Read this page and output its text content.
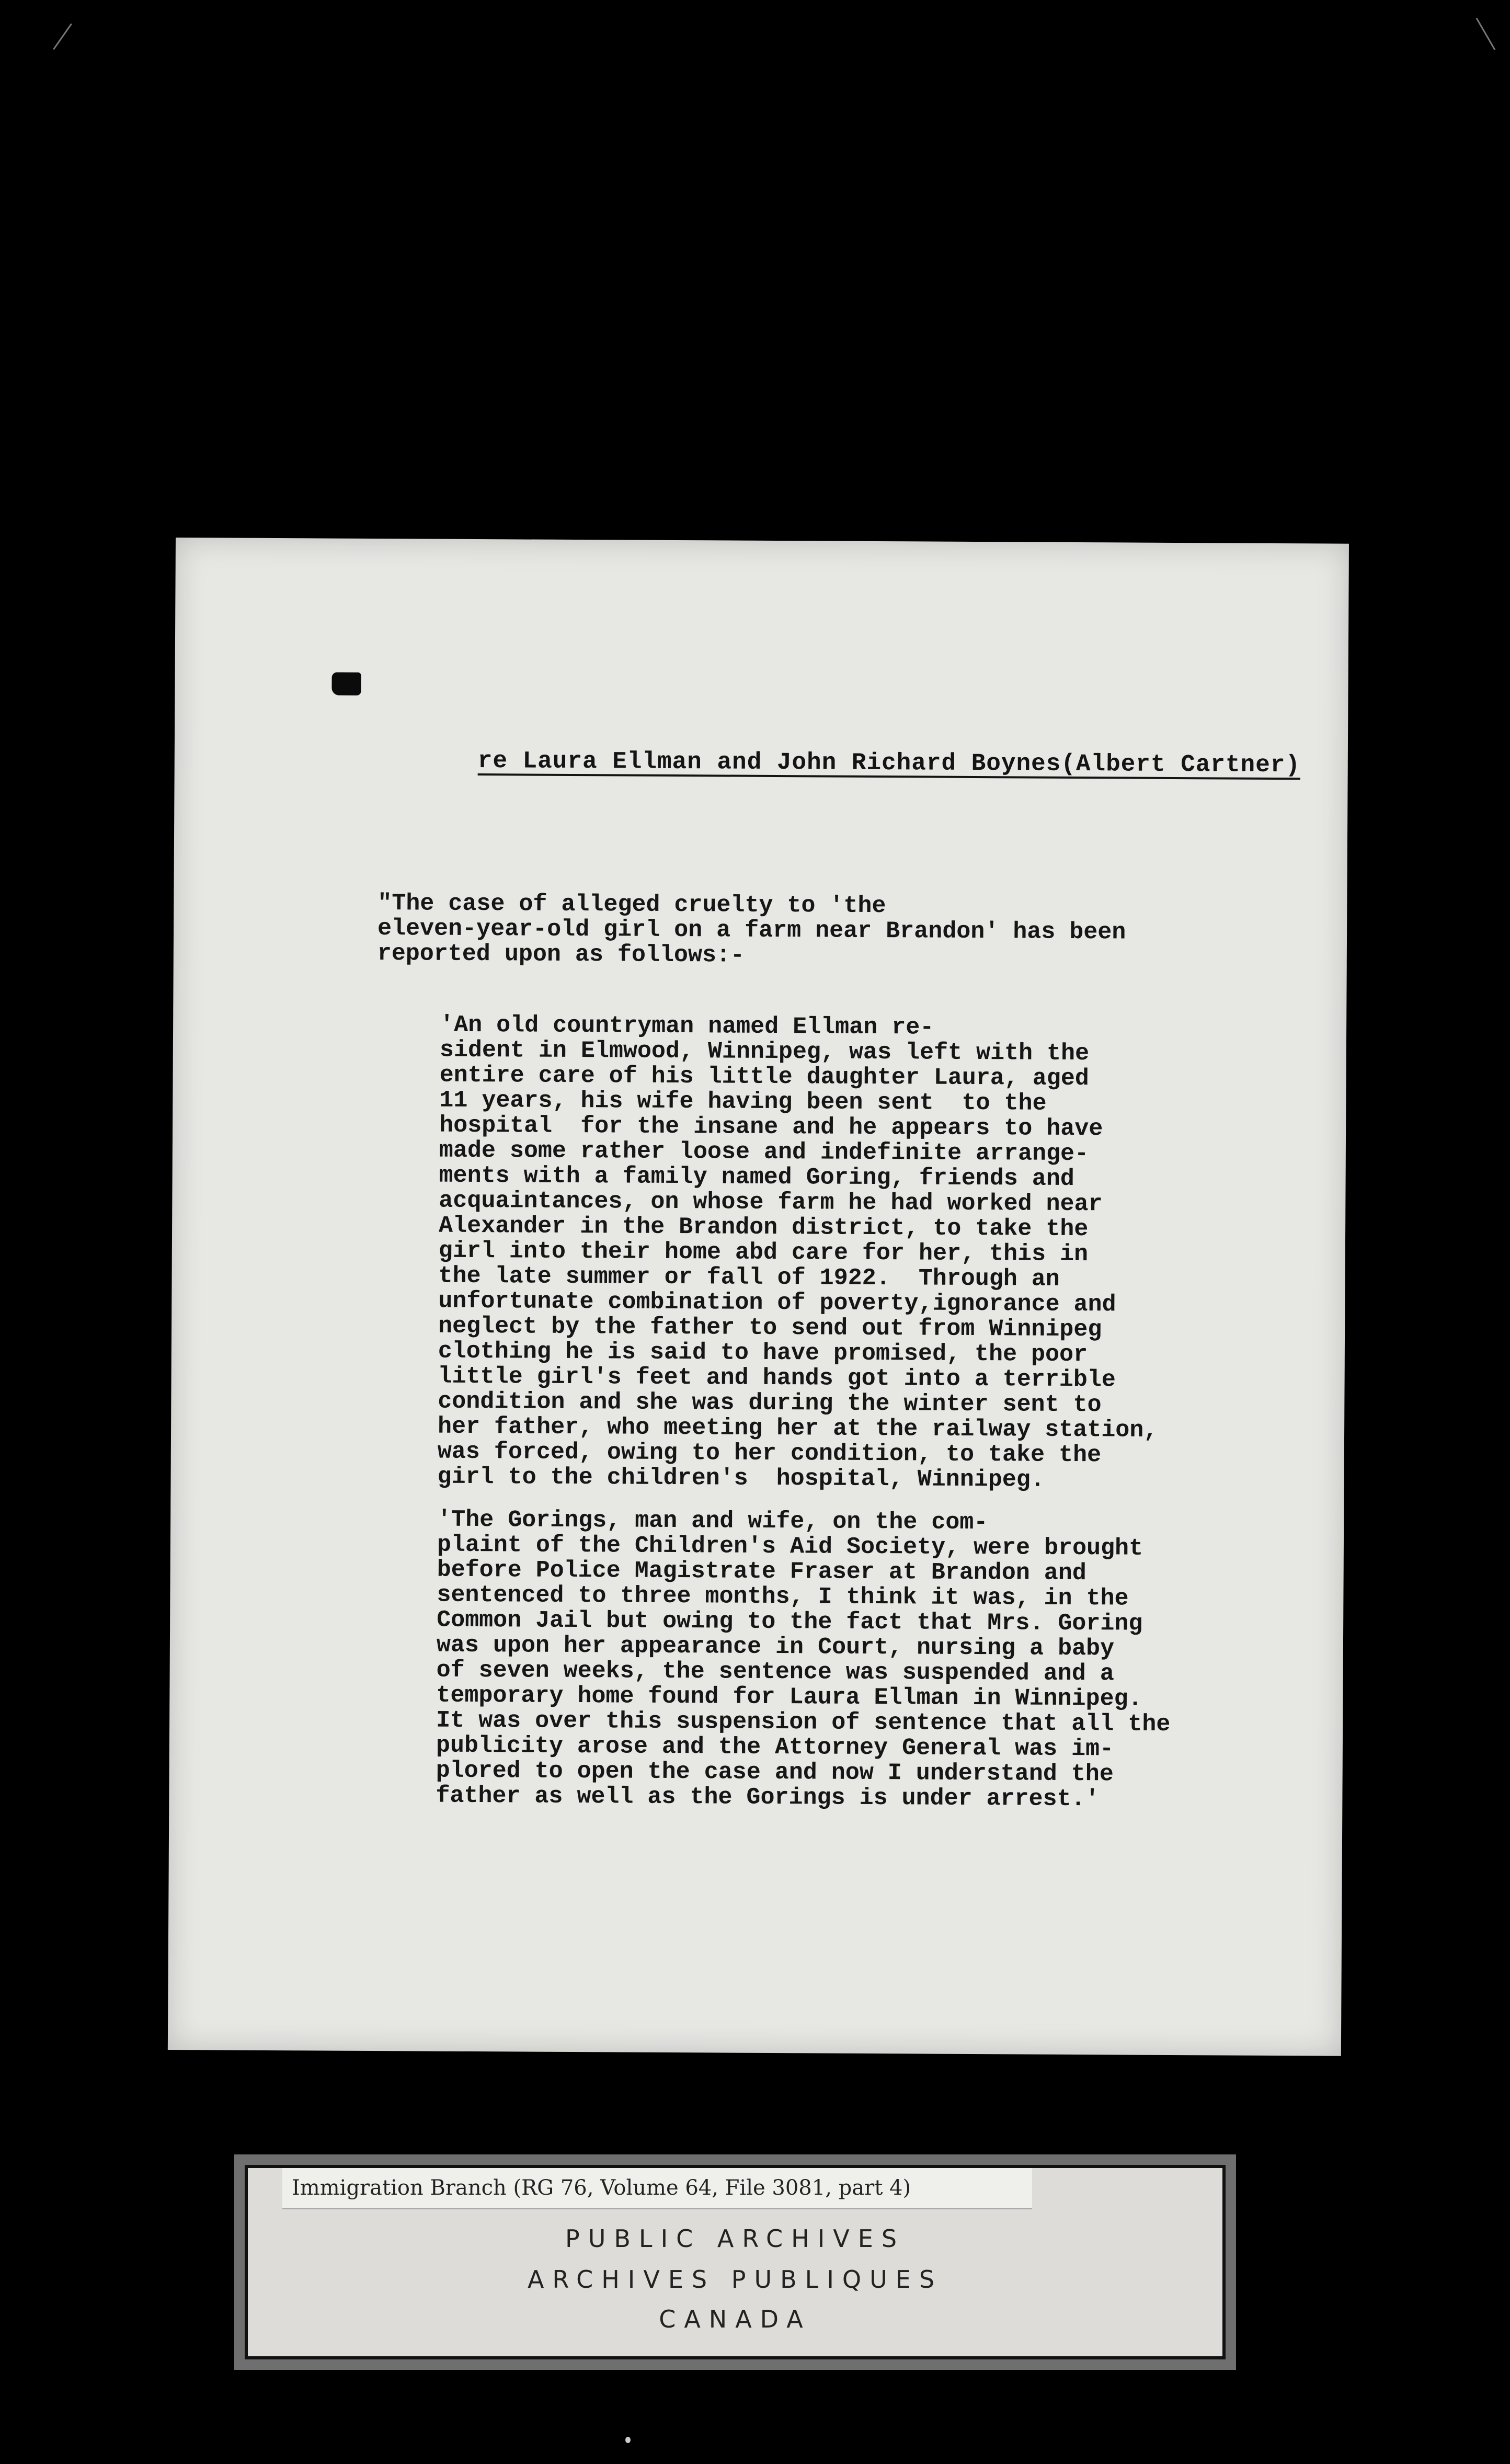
re Laura Ellman and John Richard Boynes(Albert Cartner)

"The case of alleged cruelty to 'the
eleven-year-old girl on a farm near Brandon' has been
reported upon as follows:-

'An old countryman named Ellman re-
sident in Elmwood, Winnipeg, was left with the
entire care of his little daughter Laura, aged
11 years, his wife having been sent  to the
hospital  for the insane and he appears to have
made some rather loose and indefinite arrange-
ments with a family named Goring, friends and
acquaintances, on whose farm he had worked near
Alexander in the Brandon district, to take the
girl into their home abd care for her, this in
the late summer or fall of 1922.  Through an
unfortunate combination of poverty,ignorance and
neglect by the father to send out from Winnipeg
clothing he is said to have promised, the poor
little girl's feet and hands got into a terrible
condition and she was during the winter sent to
her father, who meeting her at the railway station,
was forced, owing to her condition, to take the
girl to the children's  hospital, Winnipeg.

'The Gorings, man and wife, on the com-
plaint of the Children's Aid Society, were brought
before Police Magistrate Fraser at Brandon and
sentenced to three months, I think it was, in the
Common Jail but owing to the fact that Mrs. Goring
was upon her appearance in Court, nursing a baby
of seven weeks, the sentence was suspended and a
temporary home found for Laura Ellman in Winnipeg.
It was over this suspension of sentence that all the
publicity arose and the Attorney General was im-
plored to open the case and now I understand the
father as well as the Gorings is under arrest.'

PUBLIC ARCHIVES
ARCHIVES PUBLIQUES
CANADA
Immigration Branch (RG 76, Volume 64, File 3081, part 4)
